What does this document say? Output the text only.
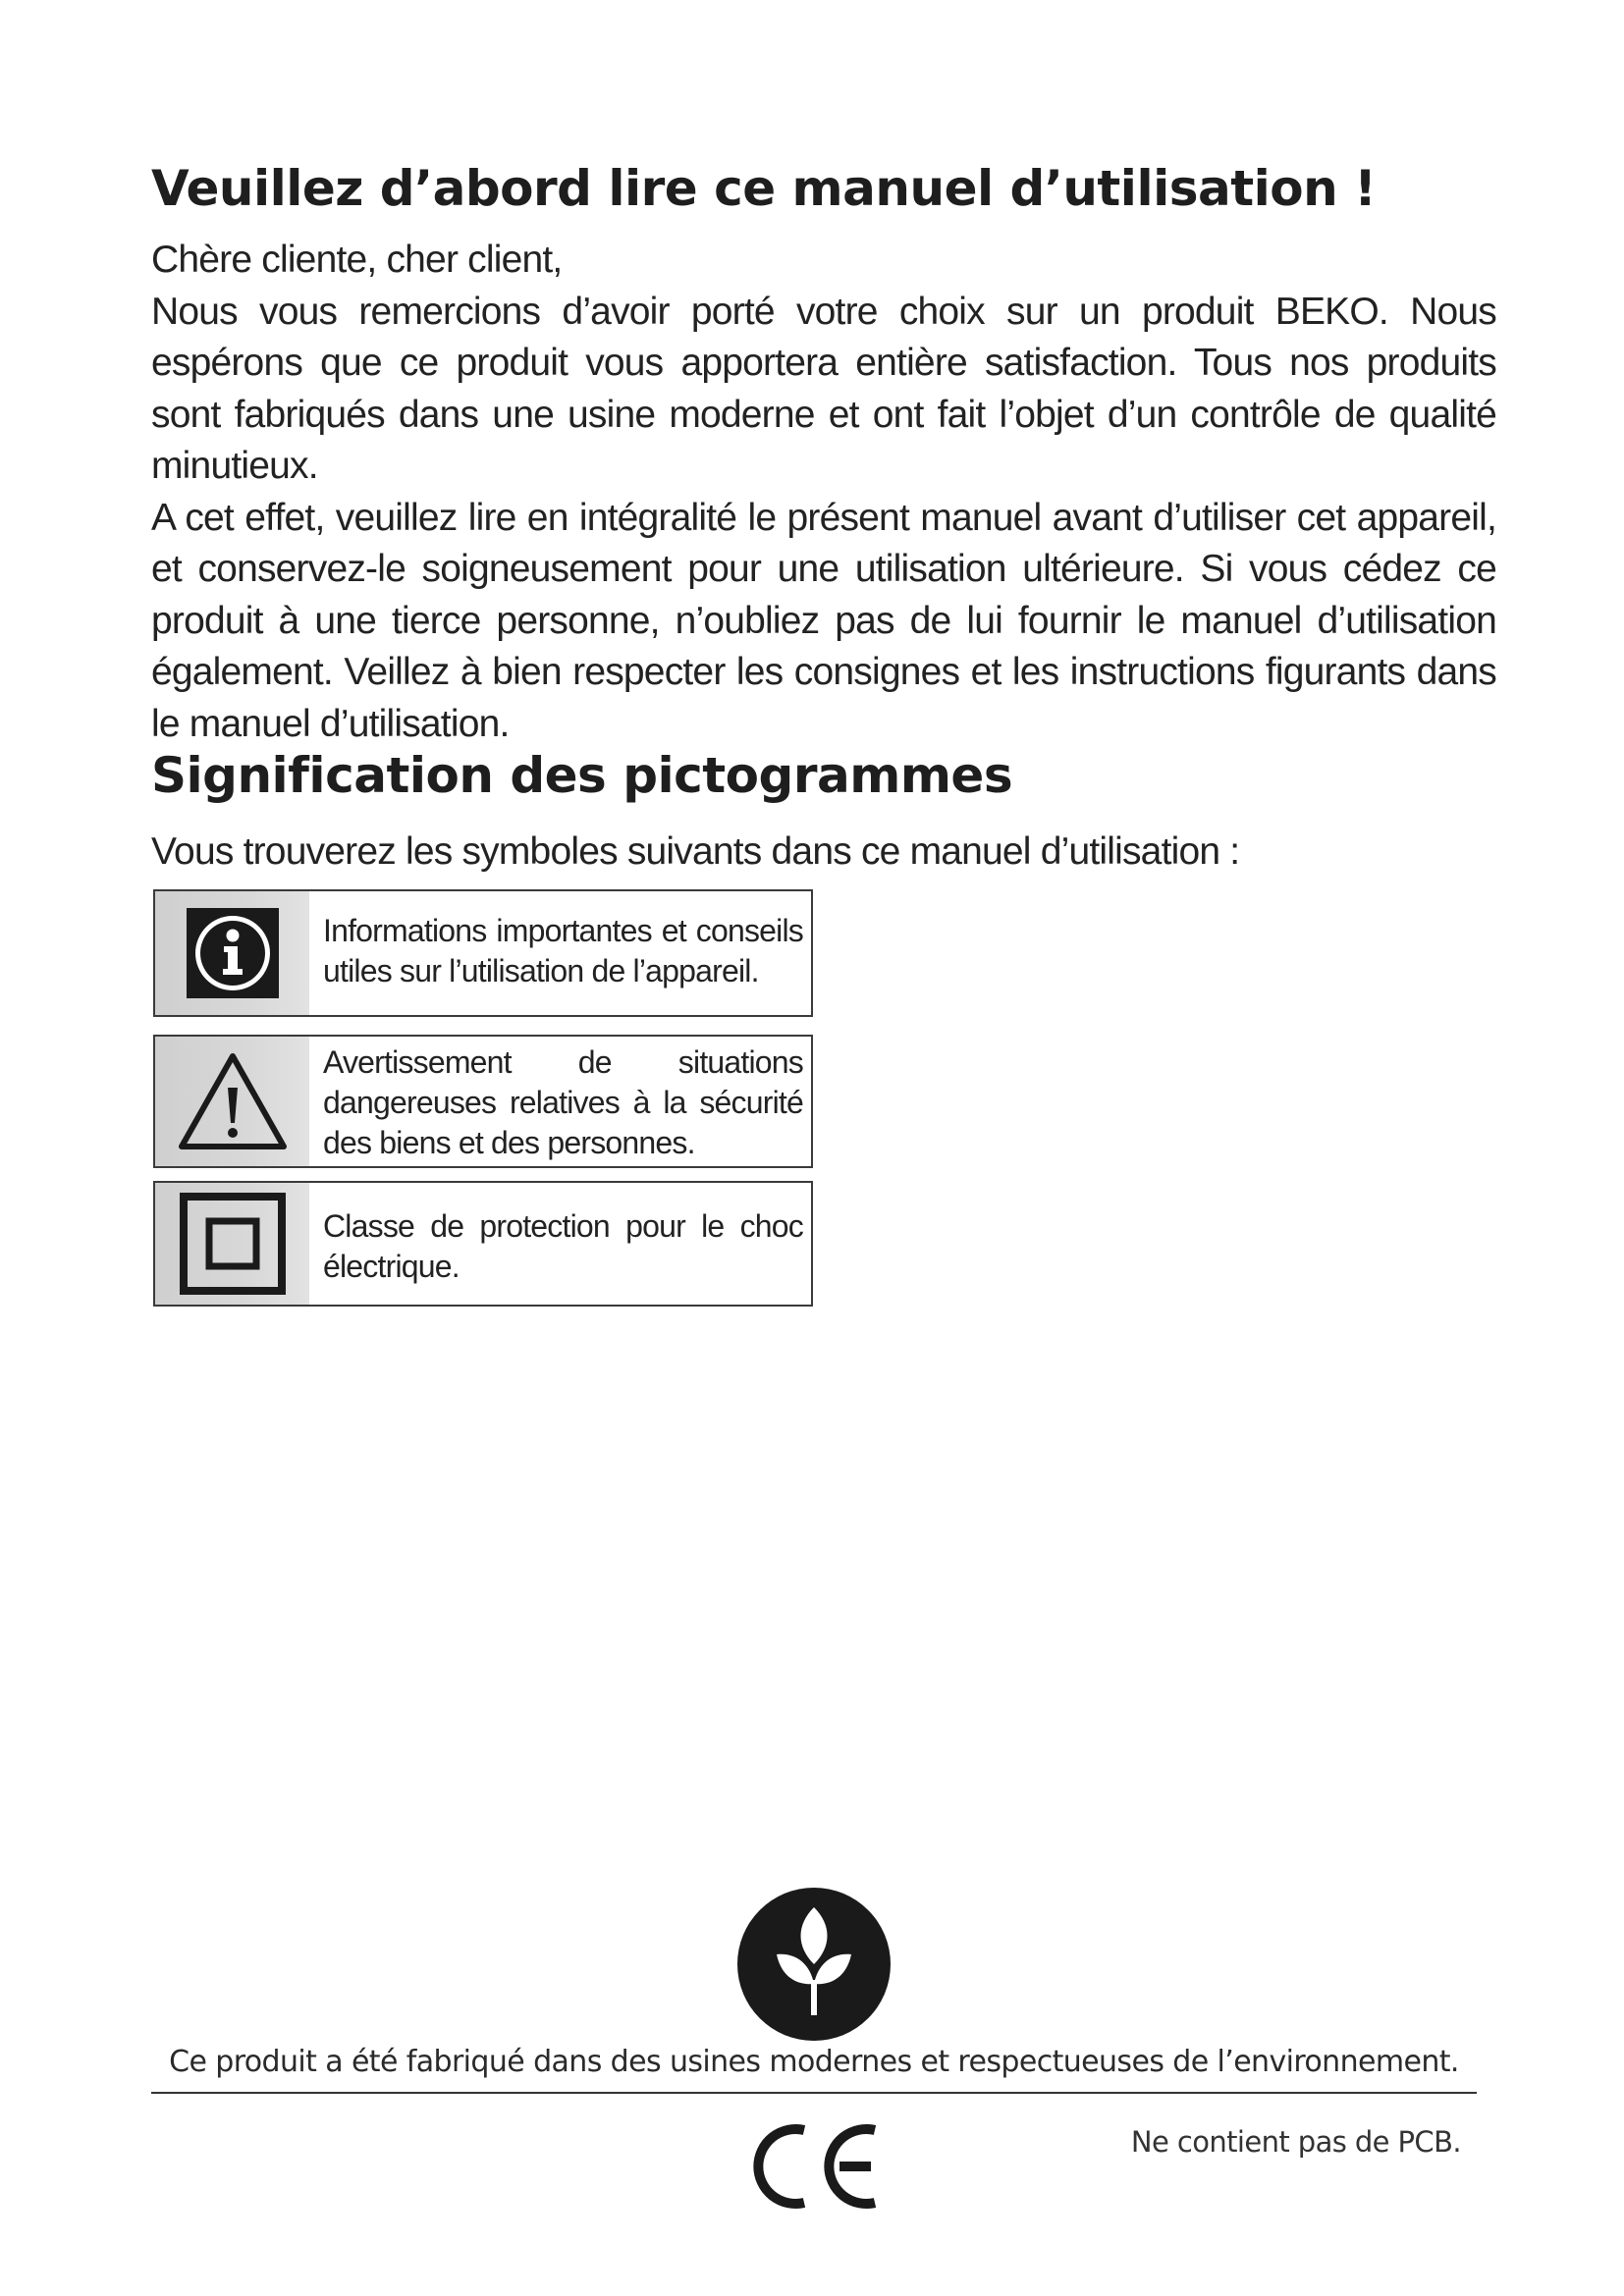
Veuillez d’abord lire ce manuel d’utilisation !

Chère cliente, cher client,

Nous vous remercions d’avoir porté votre choix sur un produit BEKO. Nous espérons que ce produit vous apportera entière satisfaction. Tous nos produits sont fabriqués dans une usine moderne et ont fait l’objet d’un contrôle de qualité minutieux.

A cet effet, veuillez lire en intégralité le présent manuel avant d’utiliser cet appareil, et conservez-le soigneusement pour une utilisation ultérieure. Si vous cédez ce produit à une tierce personne, n’oubliez pas de lui fournir le manuel d’utilisation également. Veillez à bien respecter les consignes et les instructions figurants dans le manuel d’utilisation.

Signification des pictogrammes

Vous trouverez les symboles suivants dans ce manuel d’utilisation :

Informations importantes et conseils utiles sur l’utilisation de l’appareil.
Avertissement de situations dangereuses relatives à la sécurité des biens et des personnes.
Classe de protection pour le choc électrique.

Ce produit a été fabriqué dans des usines modernes et respectueuses de l’environnement.

Ne contient pas de PCB.
